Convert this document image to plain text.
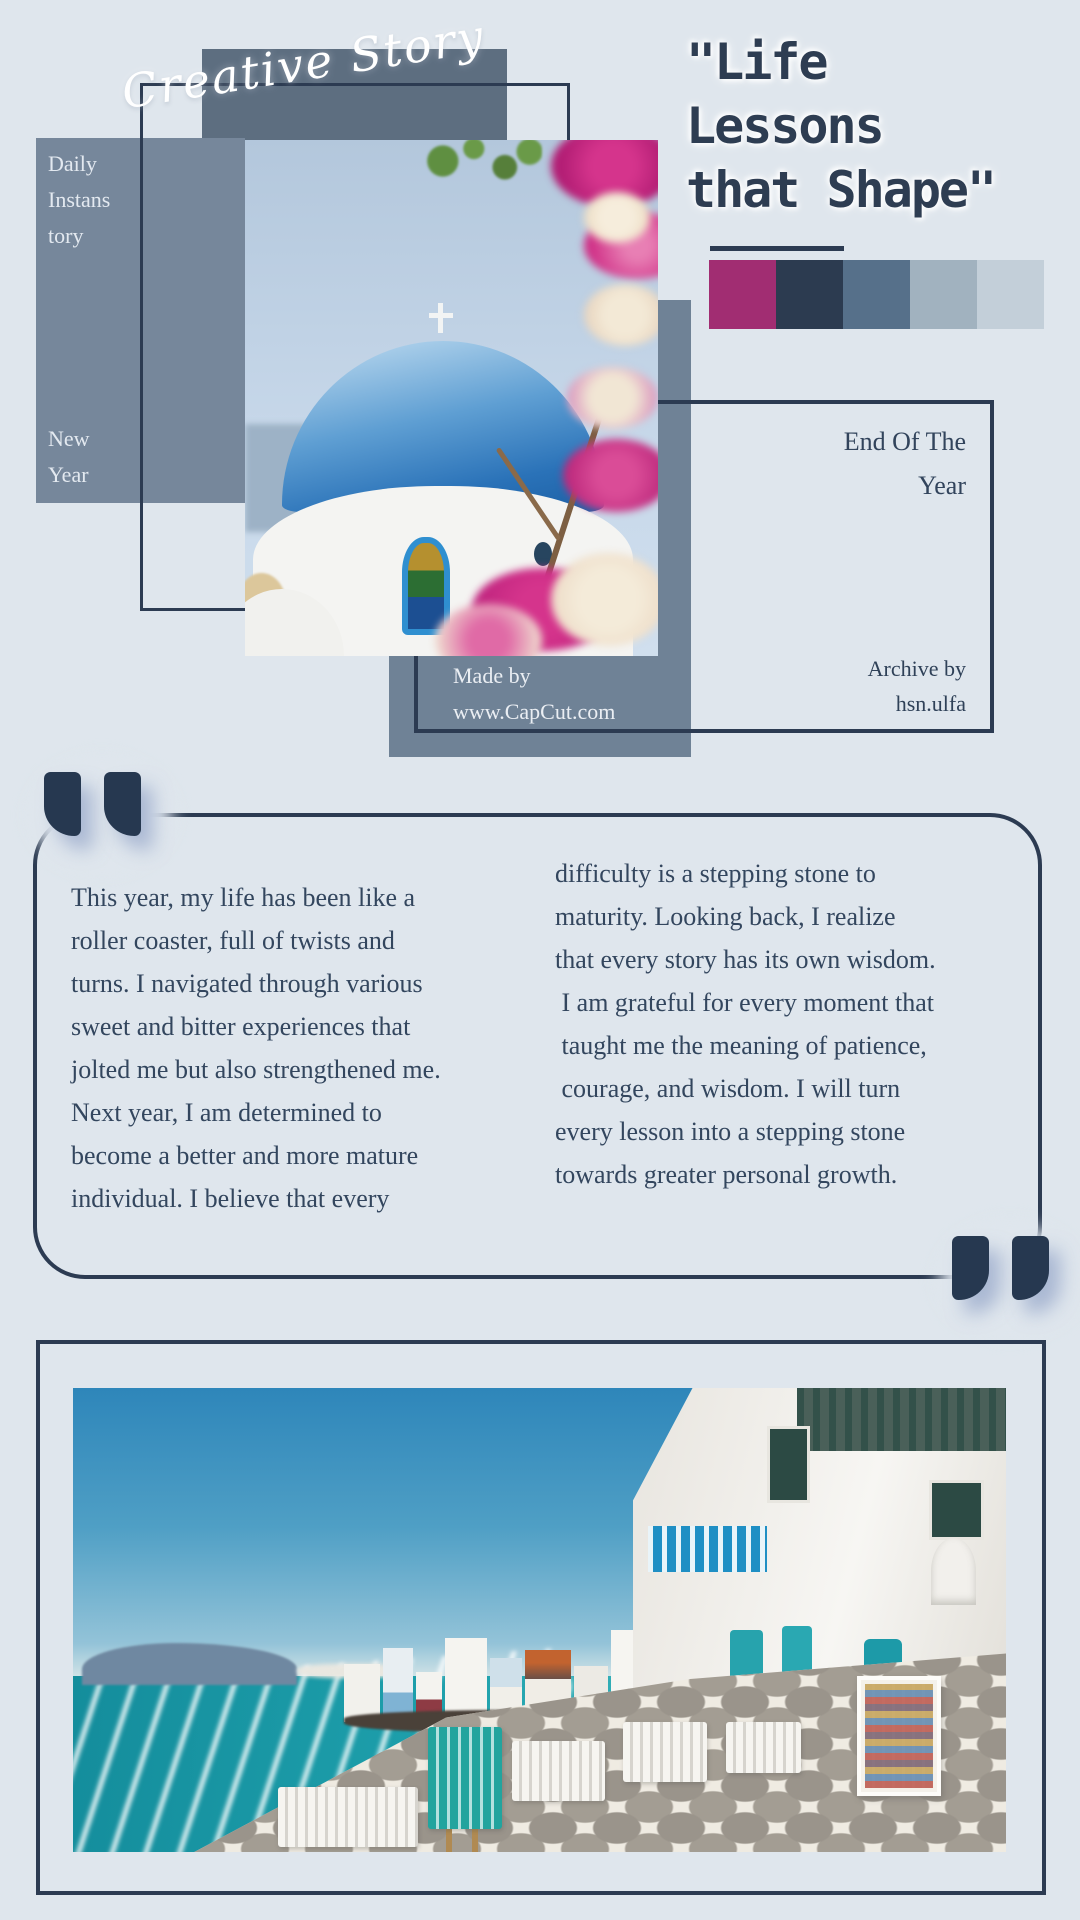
Daily
Instans
tory
New
Year
Made by
www.CapCut.com
End Of The
Year
Archive by
hsn.ulfa
Creative Story	"Life
Lessons
that Shape"
This year, my life has been like a
roller coaster, full of twists and
turns. I navigated through various
sweet and bitter experiences that
jolted me but also strengthened me.
Next year, I am determined to
become a better and more mature
individual. I believe that every
difficulty is a stepping stone to
maturity. Looking back, I realize
that every story has its own wisdom.
I am grateful for every moment that
taught me the meaning of patience,
courage, and wisdom. I will turn
every lesson into a stepping stone
towards greater personal growth.
